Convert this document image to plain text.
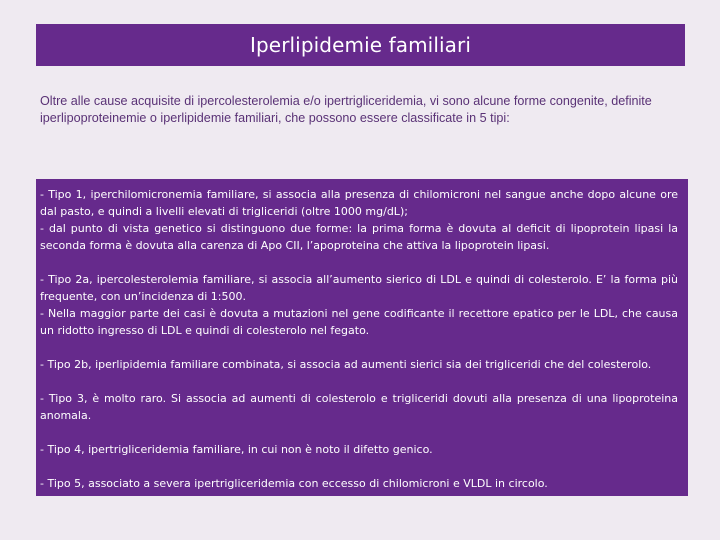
Iperlipidemie familiari
Oltre alle cause acquisite di ipercolesterolemia e/o ipertrigliceridemia, vi sono alcune forme congenite, definite iperlipoproteinemie o iperlipidemie familiari, che possono essere classificate in 5 tipi:

- Tipo 1, iperchilomicronemia familiare, si associa alla presenza di chilomicroni nel sangue anche dopo alcune ore dal pasto, e quindi a livelli elevati di trigliceridi (oltre 1000 mg/dL);
- dal punto di vista genetico si distinguono due forme: la prima forma è dovuta al deficit di lipoprotein lipasi la seconda forma è dovuta alla carenza di Apo CII, l’apoproteina che attiva la lipoprotein lipasi.

- Tipo 2a, ipercolesterolemia familiare, si associa all’aumento sierico di LDL e quindi di colesterolo. E’ la forma più frequente, con un’incidenza di 1:500.
- Nella maggior parte dei casi è dovuta a mutazioni nel gene codificante il recettore epatico per le LDL, che causa un ridotto ingresso di LDL e quindi di colesterolo nel fegato.

- Tipo 2b, iperlipidemia familiare combinata, si associa ad aumenti sierici sia dei trigliceridi che del colesterolo.

- Tipo 3, è molto raro. Si associa ad aumenti di colesterolo e trigliceridi dovuti alla presenza di una lipoproteina anomala.

- Tipo 4, ipertrigliceridemia familiare, in cui non è noto il difetto genico.

- Tipo 5, associato a severa ipertrigliceridemia con eccesso di chilomicroni e VLDL in circolo.
